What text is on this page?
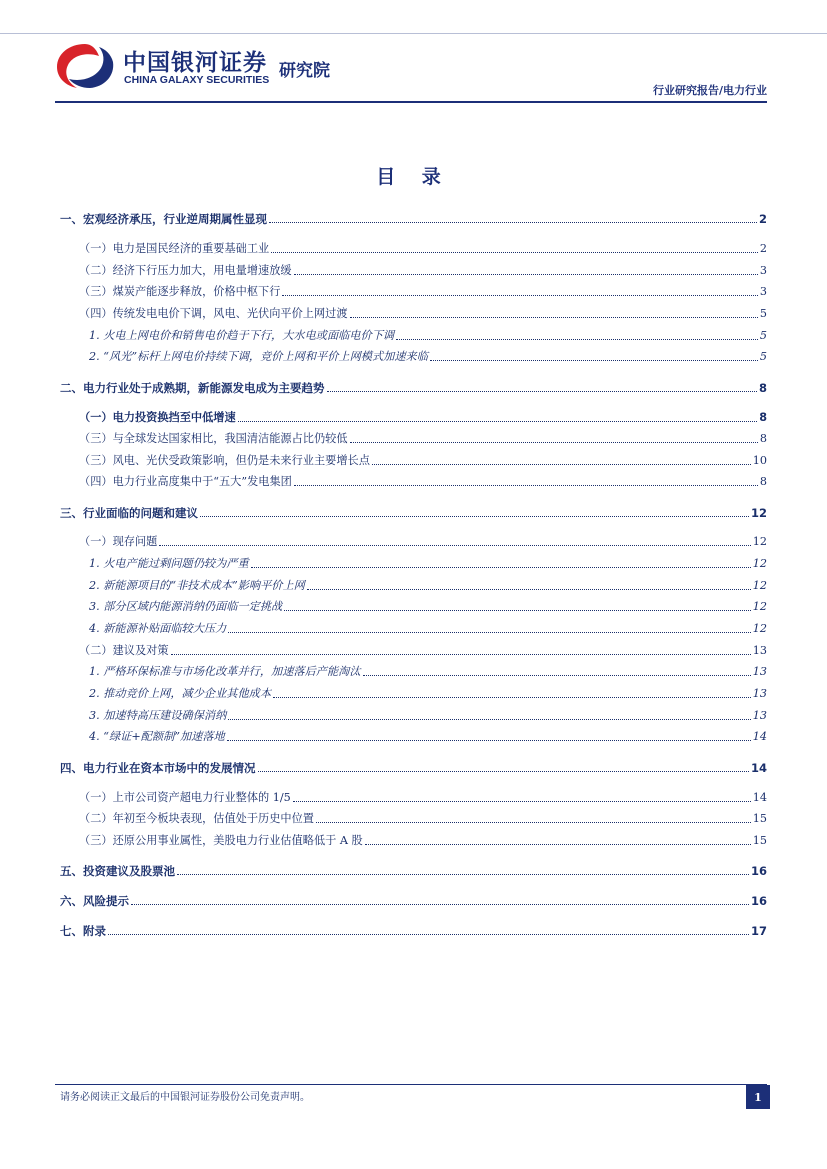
中国银河证券
CHINA GALAXY SECURITIES 研究院
行业研究报告/电力行业
目 录
一、宏观经济承压，行业逆周期属性显现	2
（一）电力是国民经济的重要基础工业	2
（二）经济下行压力加大，用电量增速放缓	3
（三）煤炭产能逐步释放，价格中枢下行	3
（四）传统发电电价下调，风电、光伏向平价上网过渡	5
1. 火电上网电价和销售电价趋于下行，大水电或面临电价下调	5
2. “风光”标杆上网电价持续下调，竞价上网和平价上网模式加速来临	5
二、电力行业处于成熟期，新能源发电成为主要趋势	8
（一）电力投资换挡至中低增速	8
（三）与全球发达国家相比，我国清洁能源占比仍较低	8
（三）风电、光伏受政策影响，但仍是未来行业主要增长点	10
（四）电力行业高度集中于“五大”发电集团	8
三、行业面临的问题和建议	12
（一）现存问题	12
1. 火电产能过剩问题仍较为严重	12
2. 新能源项目的“非技术成本”影响平价上网	12
3. 部分区域内能源消纳仍面临一定挑战	12
4. 新能源补贴面临较大压力	12
（二）建议及对策	13
1. 严格环保标准与市场化改革并行，加速落后产能淘汰	13
2. 推动竞价上网，减少企业其他成本	13
3. 加速特高压建设确保消纳	13
4. “绿证+配额制”加速落地	14
四、电力行业在资本市场中的发展情况	14
（一）上市公司资产超电力行业整体的 1/5	14
（二）年初至今板块表现，估值处于历史中位置	15
（三）还原公用事业属性，美股电力行业估值略低于 A 股	15
五、投资建议及股票池	16
六、风险提示	16
七、附录	17
请务必阅读正文最后的中国银河证券股份公司免责声明。	1
